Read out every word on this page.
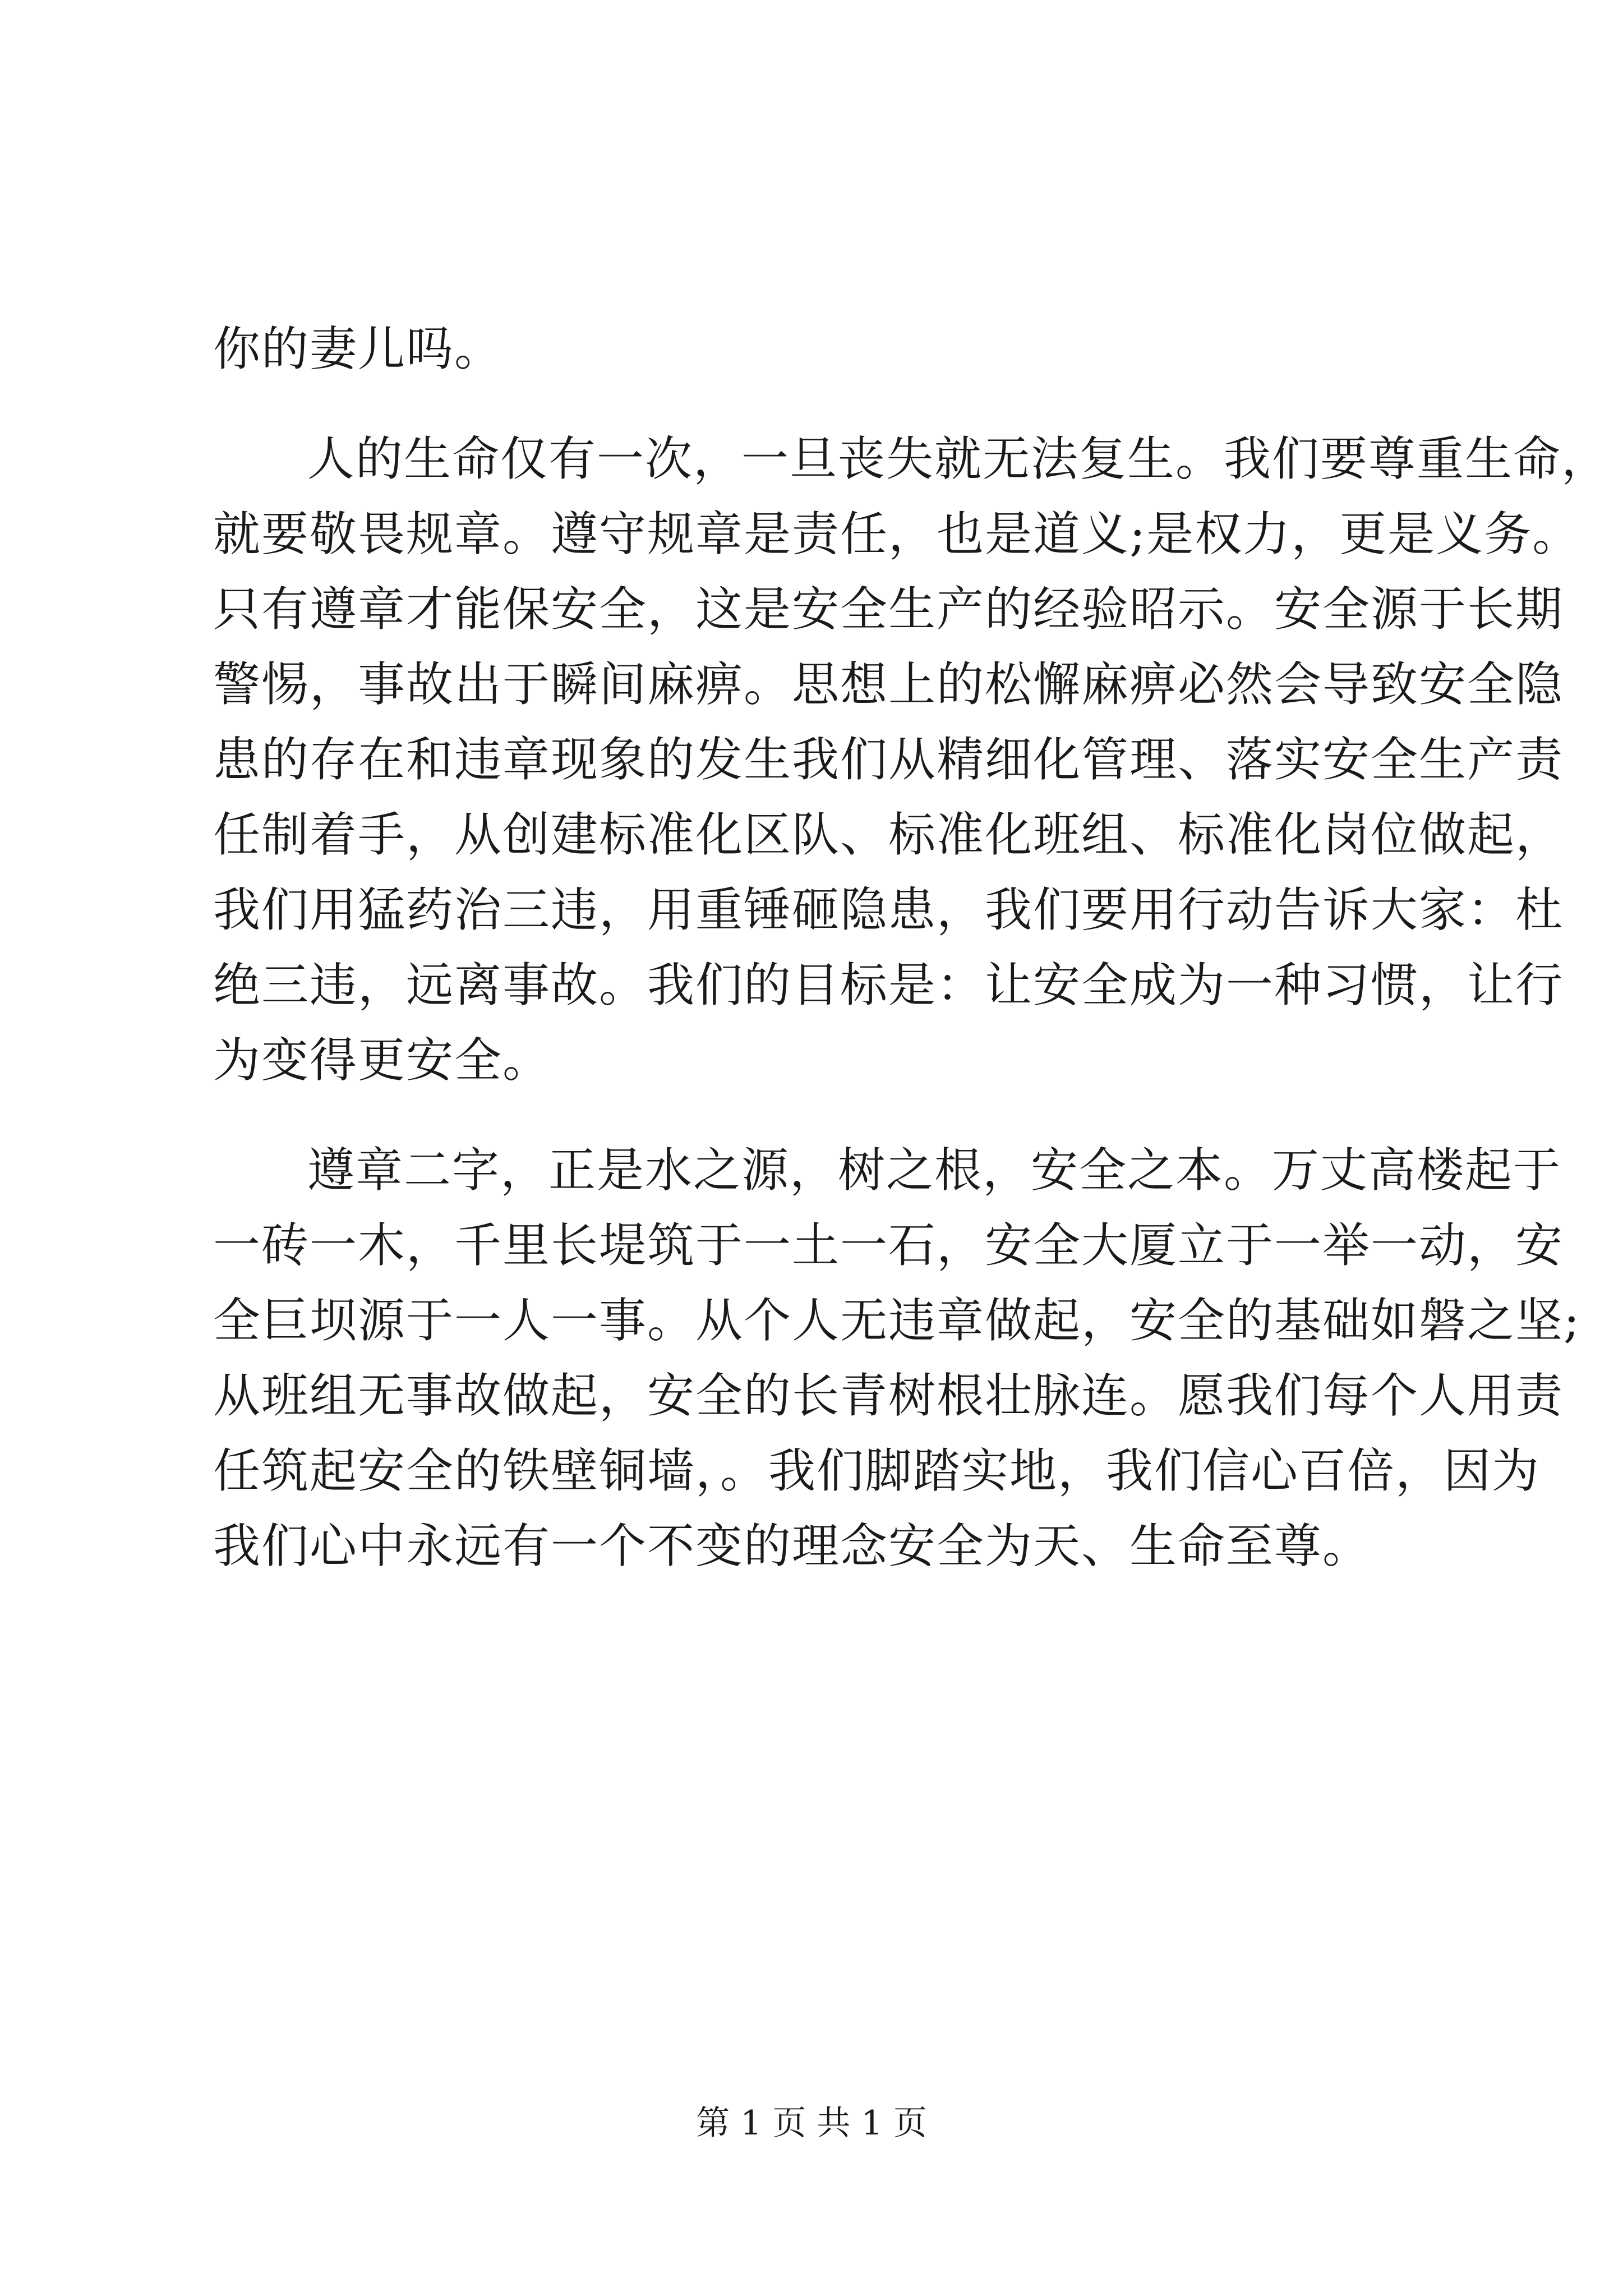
你的妻儿吗。
人的生命仅有一次，一旦丧失就无法复生。我们要尊重生命，
就要敬畏规章。遵守规章是责任，也是道义;是权力，更是义务。
只有遵章才能保安全，这是安全生产的经验昭示。安全源于长期
警惕，事故出于瞬间麻痹。思想上的松懈麻痹必然会导致安全隐
患的存在和违章现象的发生我们从精细化管理、落实安全生产责
任制着手，从创建标准化区队、标准化班组、标准化岗位做起，
我们用猛药治三违，用重锤砸隐患，我们要用行动告诉大家：杜
绝三违，远离事故。我们的目标是：让安全成为一种习惯，让行
为变得更安全。
遵章二字，正是水之源，树之根，安全之本。万丈高楼起于
一砖一木，千里长堤筑于一土一石，安全大厦立于一举一动，安
全巨坝源于一人一事。从个人无违章做起，安全的基础如磐之坚;
从班组无事故做起，安全的长青树根壮脉连。愿我们每个人用责
任筑起安全的铁壁铜墙，。我们脚踏实地，我们信心百倍，因为
我们心中永远有一个不变的理念安全为天、生命至尊。
第 1 页 共 1 页
